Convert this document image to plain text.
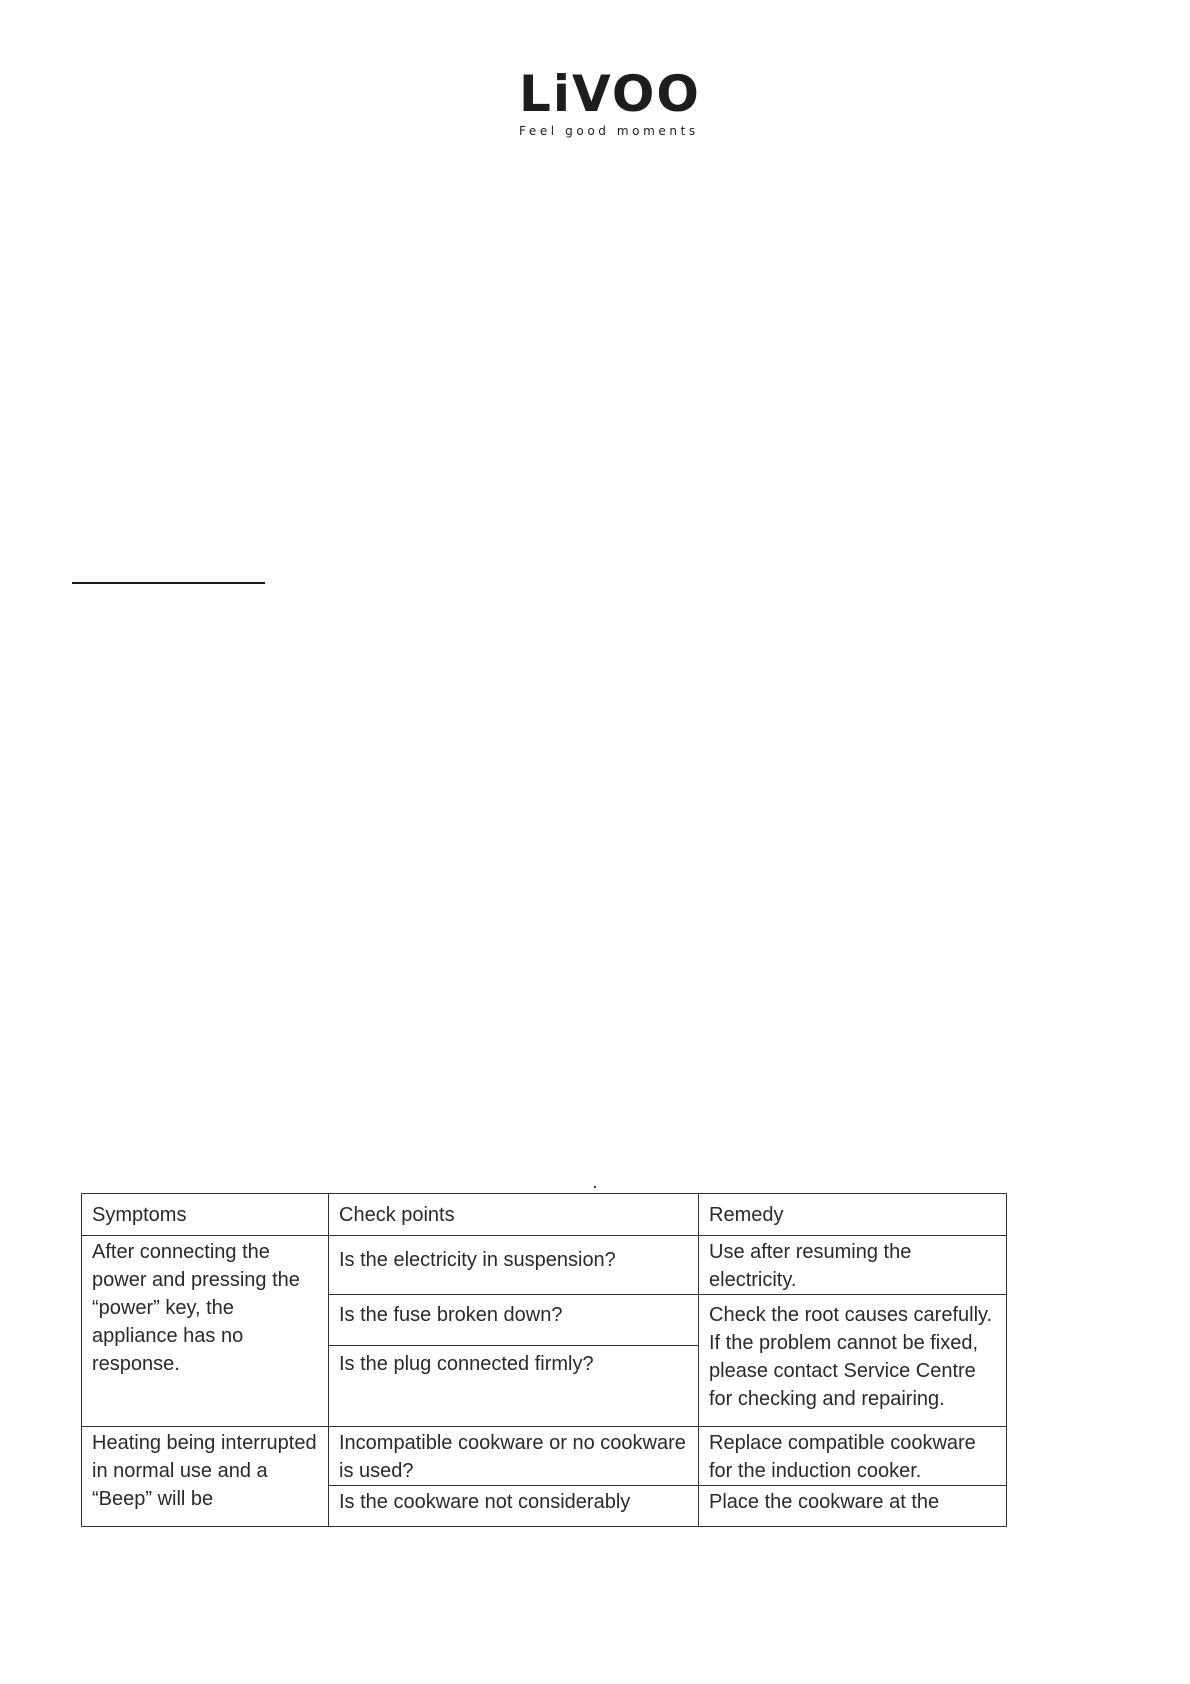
LiVOO
Feel good moments
Symptoms	Check points	Remedy
After connecting the power and pressing the “power” key, the appliance has no response.	Is the electricity in suspension?	Use after resuming the electricity.
	Is the fuse broken down?	Check the root causes carefully. If the problem cannot be fixed, please contact Service Centre for checking and repairing.
	Is the plug connected firmly?	
Heating being interrupted in normal use and a “Beep” will be	Incompatible cookware or no cookware is used?	Replace compatible cookware for the induction cooker.
	Is the cookware not considerably	Place the cookware at the
